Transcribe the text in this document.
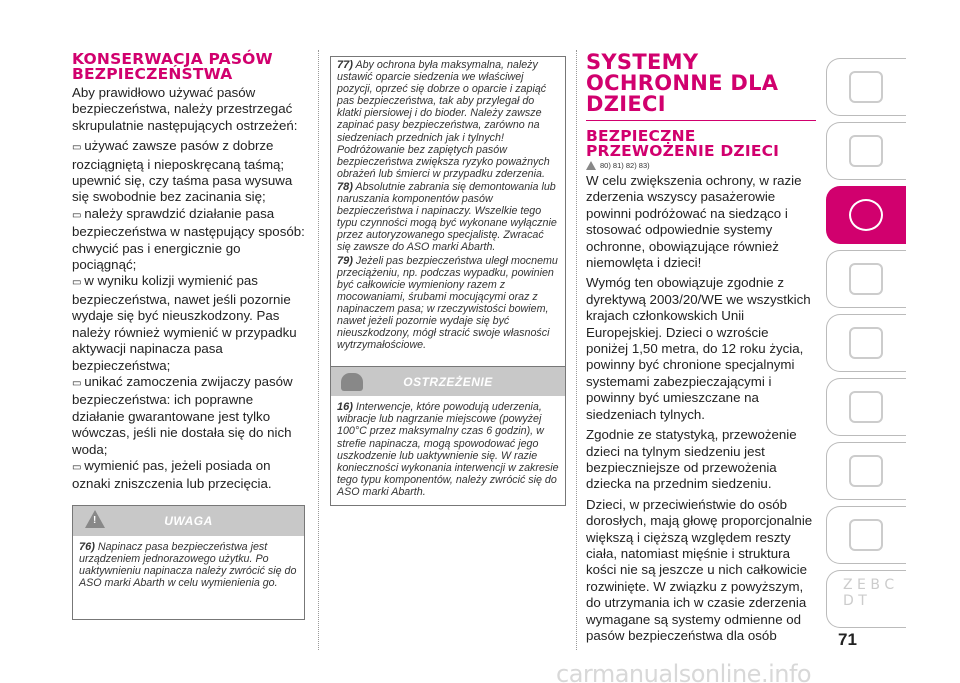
KONSERWACJA PASÓW BEZPIECZEŃSTWA

Aby prawidłowo używać pasów bezpieczeństwa, należy przestrzegać skrupulatnie następujących ostrzeżeń:

▭ używać zawsze pasów z dobrze rozciągniętą i nieposkręcaną taśmą; upewnić się, czy taśma pasa wysuwa się swobodnie bez zacinania się;

▭ należy sprawdzić działanie pasa bezpieczeństwa w następujący sposób: chwycić pas i energicznie go pociągnąć;

▭ w wyniku kolizji wymienić pas bezpieczeństwa, nawet jeśli pozornie wydaje się być nieuszkodzony. Pas należy również wymienić w przypadku aktywacji napinacza pasa bezpieczeństwa;

▭ unikać zamoczenia zwijaczy pasów bezpieczeństwa: ich poprawne działanie gwarantowane jest tylko wówczas, jeśli nie dostała się do nich woda;

▭ wymienić pas, jeżeli posiada on oznaki zniszczenia lub przecięcia.

!
UWAGA

76) Napinacz pasa bezpieczeństwa jest urządzeniem jednorazowego użytku. Po uaktywnieniu napinacza należy zwrócić się do ASO marki Abarth w celu wymienienia go.

77) Aby ochrona była maksymalna, należy ustawić oparcie siedzenia we właściwej pozycji, oprzeć się dobrze o oparcie i zapiąć pas bezpieczeństwa, tak aby przylegał do klatki piersiowej i do bioder. Należy zawsze zapinać pasy bezpieczeństwa, zarówno na siedzeniach przednich jak i tylnych! Podróżowanie bez zapiętych pasów bezpieczeństwa zwiększa ryzyko poważnych obrażeń lub śmierci w przypadku zderzenia.

78) Absolutnie zabrania się demontowania lub naruszania komponentów pasów bezpieczeństwa i napinaczy. Wszelkie tego typu czynności mogą być wykonane wyłącznie przez autoryzowanego specjalistę. Zwracać się zawsze do ASO marki Abarth.

79) Jeżeli pas bezpieczeństwa uległ mocnemu przeciążeniu, np. podczas wypadku, powinien być całkowicie wymieniony razem z mocowaniami, śrubami mocującymi oraz z napinaczem pasa; w rzeczywistości bowiem, nawet jeżeli pozornie wydaje się być nieuszkodzony, mógł stracić swoje własności wytrzymałościowe.

OSTRZEŻENIE

16) Interwencje, które powodują uderzenia, wibracje lub nagrzanie miejscowe (powyżej 100°C przez maksymalny czas 6 godzin), w strefie napinacza, mogą spowodować jego uszkodzenie lub uaktywnienie się. W razie konieczności wykonania interwencji w zakresie tego typu komponentów, należy zwrócić się do ASO marki Abarth.

SYSTEMY OCHRONNE DLA DZIECI
BEZPIECZNE PRZEWOŻENIE DZIECI
80) 81) 82) 83)

W celu zwiększenia ochrony, w razie zderzenia wszyscy pasażerowie powinni podróżować na siedząco i stosować odpowiednie systemy ochronne, obowiązujące również niemowlęta i dzieci!

Wymóg ten obowiązuje zgodnie z dyrektywą 2003/20/WE we wszystkich krajach członkowskich Unii Europejskiej. Dzieci o wzroście poniżej 1,50 metra, do 12 roku życia, powinny być chronione specjalnymi systemami zabezpieczającymi i powinny być umieszczane na siedzeniach tylnych.

Zgodnie ze statystyką, przewożenie dzieci na tylnym siedzeniu jest bezpieczniejsze od przewożenia dziecka na przednim siedzeniu.

Dzieci, w przeciwieństwie do osób dorosłych, mają głowę proporcjonalnie większą i cięższą względem reszty ciała, natomiast mięśnie i struktura kości nie są jeszcze u nich całkowicie rozwinięte. W związku z powyższym, do utrzymania ich w czasie zderzenia wymagane są systemy odmienne od pasów bezpieczeństwa dla osób

Z E B C D T
71
carmanualsonline.info
